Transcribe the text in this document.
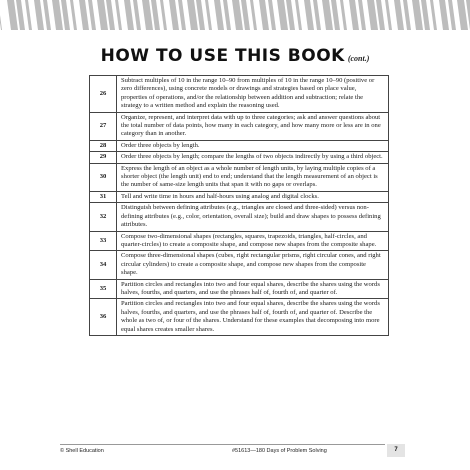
HOW TO USE THIS BOOK (cont.)
26	Subtract multiples of 10 in the range 10–90 from multiples of 10 in the range 10–90 (positive or zero differences), using concrete models or drawings and strategies based on place value, properties of operations, and/or the relationship between addition and subtraction; relate the strategy to a written method and explain the reasoning used.
27	Organize, represent, and interpret data with up to three categories; ask and answer questions about the total number of data points, how many in each category, and how many more or less are in one category than in another.
28	Order three objects by length.
29	Order three objects by length; compare the lengths of two objects indirectly by using a third object.
30	Express the length of an object as a whole number of length units, by laying multiple copies of a shorter object (the length unit) end to end; understand that the length measurement of an object is the number of same-size length units that span it with no gaps or overlaps.
31	Tell and write time in hours and half-hours using analog and digital clocks.
32	Distinguish between defining attributes (e.g., triangles are closed and three-sided) versus non-defining attributes (e.g., color, orientation, overall size); build and draw shapes to possess defining attributes.
33	Compose two-dimensional shapes (rectangles, squares, trapezoids, triangles, half-circles, and quarter-circles) to create a composite shape, and compose new shapes from the composite shape.
34	Compose three-dimensional shapes (cubes, right rectangular prisms, right circular cones, and right circular cylinders) to create a composite shape, and compose new shapes from the composite shape.
35	Partition circles and rectangles into two and four equal shares, describe the shares using the words halves, fourths, and quarters, and use the phrases half of, fourth of, and quarter of.
36	Partition circles and rectangles into two and four equal shares, describe the shares using the words halves, fourths, and quarters, and use the phrases half of, fourth of, and quarter of. Describe the whole as two of, or four of the shares. Understand for these examples that decomposing into more equal shares creates smaller shares.
© Shell Education	#51613—180 Days of Problem Solving	7
